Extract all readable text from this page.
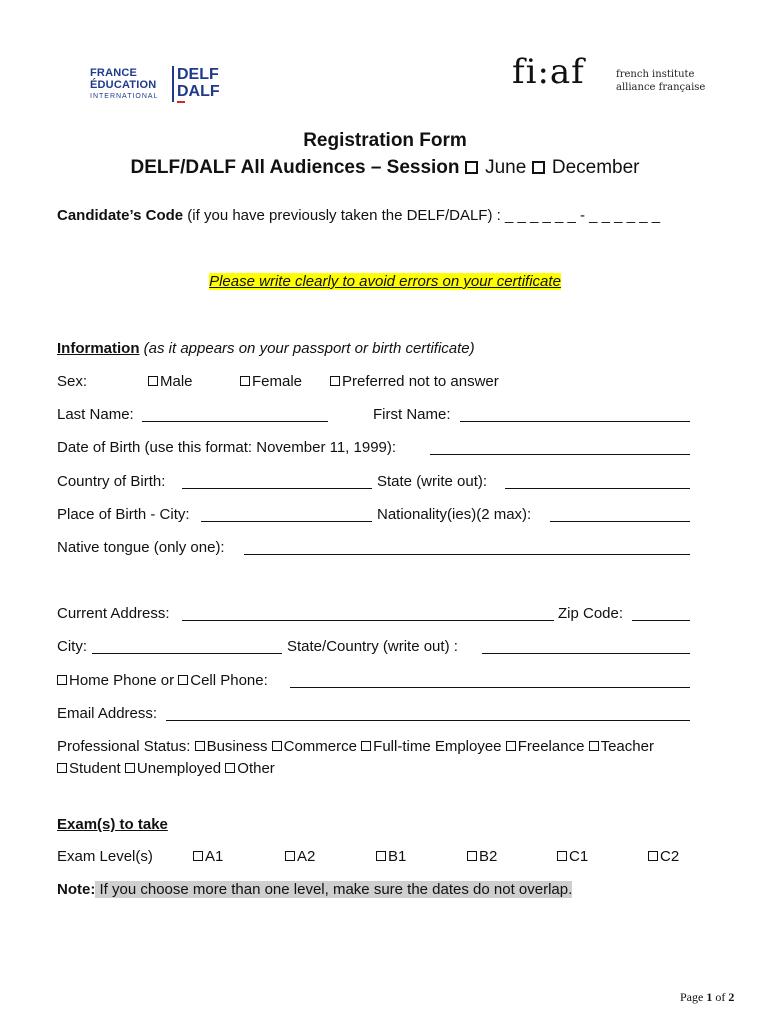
FRANCE
ÉDUCATION
INTERNATIONAL
DELF
DALF	fi:af	french institute
alliance française
Registration Form
DELF/DALF All Audiences – Session June December
Candidate’s Code (if you have previously taken the DELF/DALF) : _ _ _ _ _ _ - _ _ _ _ _ _
Please write clearly to avoid errors on your certificate
Information (as it appears on your passport or birth certificate)
Sex:	Male	Female	Preferred not to answer
Last Name:	First Name:
Date of Birth (use this format: November 11, 1999):
Country of Birth:	State (write out):
Place of Birth - City:	Nationality(ies)(2 max):
Native tongue (only one):
Current Address:	Zip Code:
City:	State/Country (write out) :
Home Phone or Cell Phone:
Email Address:
Professional Status: Business Commerce Full-time Employee Freelance Teacher
Student Unemployed Other
Exam(s) to take
Exam Level(s)	A1	A2	B1	B2	C1	C2
Note: If you choose more than one level, make sure the dates do not overlap.
Page 1 of 2
